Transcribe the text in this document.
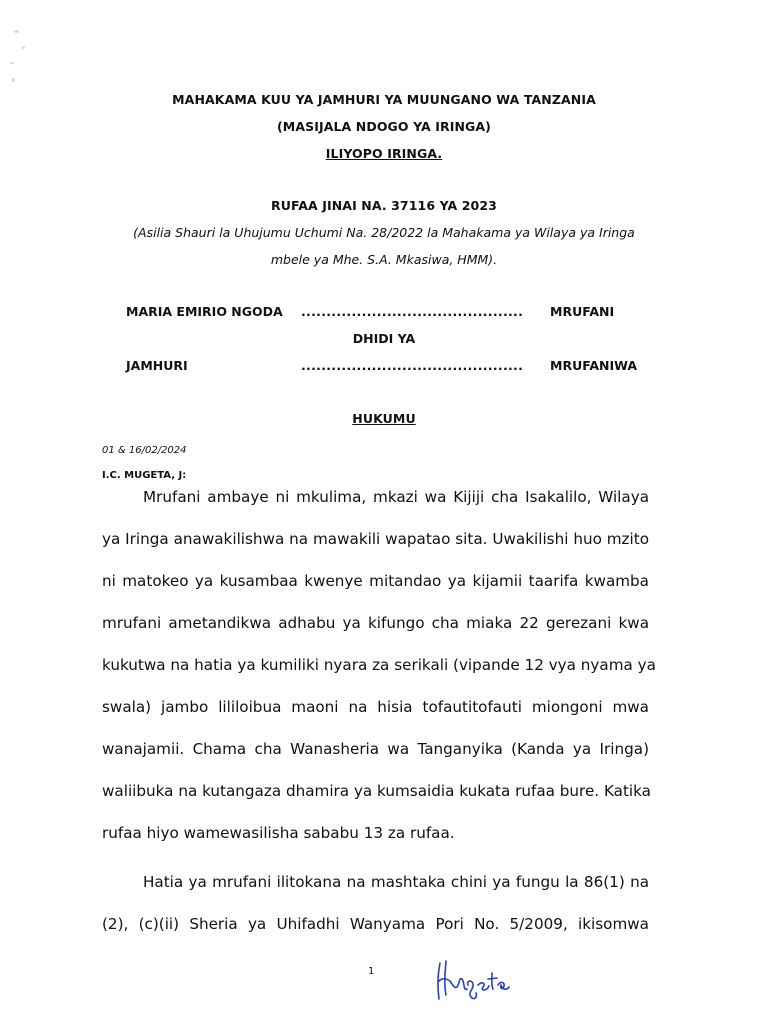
MAHAKAMA KUU YA JAMHURI YA MUUNGANO WA TANZANIA
(MASIJALA NDOGO YA IRINGA)
ILIYOPO IRINGA.
RUFAA JINAI NA. 37116 YA 2023
(Asilia Shauri la Uhujumu Uchumi Na. 28/2022 la Mahakama ya Wilaya ya Iringa
mbele ya Mhe. S.A. Mkasiwa, HMM).
MARIA EMIRIO NGODA ............................................ MRUFANI
DHIDI YA
JAMHURI	............................................ MRUFANIWA
HUKUMU
01 & 16/02/2024
I.C. MUGETA, J:
Mrufani ambaye ni mkulima, mkazi wa Kijiji cha Isakalilo, Wilaya
ya Iringa anawakilishwa na mawakili wapatao sita. Uwakilishi huo mzito
ni matokeo ya kusambaa kwenye mitandao ya kijamii taarifa kwamba
mrufani ametandikwa adhabu ya kifungo cha miaka 22 gerezani kwa
kukutwa na hatia ya kumiliki nyara za serikali (vipande 12 vya nyama ya
swala) jambo lililoibua maoni na hisia tofautitofauti miongoni mwa
wanajamii. Chama cha Wanasheria wa Tanganyika (Kanda ya Iringa)
waliibuka na kutangaza dhamira ya kumsaidia kukata rufaa bure. Katika
rufaa hiyo wamewasilisha sababu 13 za rufaa.
Hatia ya mrufani ilitokana na mashtaka chini ya fungu la 86(1) na
(2), (c)(ii) Sheria ya Uhifadhi Wanyama Pori No. 5/2009, ikisomwa
1
